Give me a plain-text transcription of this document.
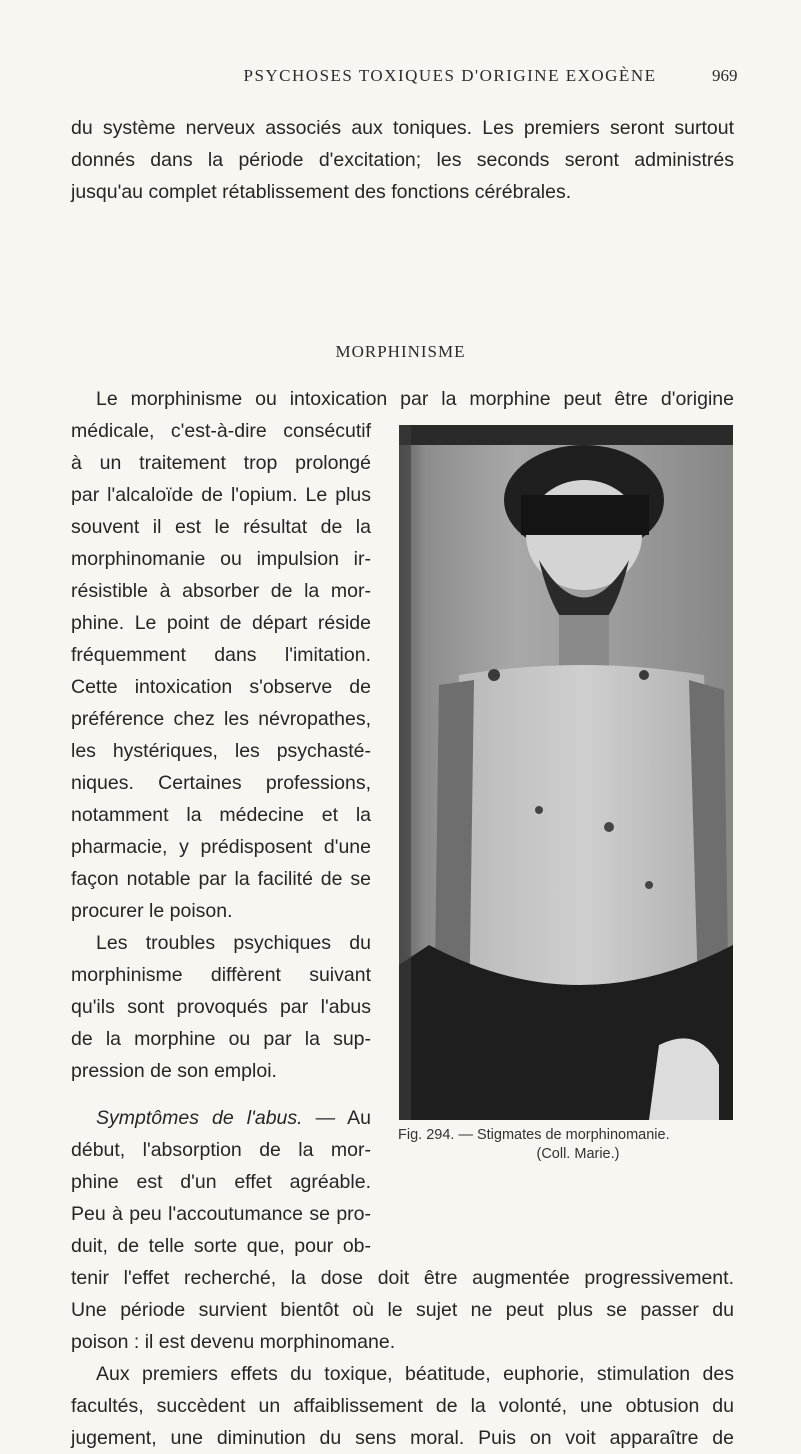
PSYCHOSES TOXIQUES D'ORIGINE EXOGÈNE	969
du système nerveux associés aux toniques. Les premiers seront surtout
donnés dans la période d'excitation; les seconds seront administrés
jusqu'au complet rétablissement des fonctions cérébrales.
MORPHINISME
Le morphinisme ou intoxication par la morphine peut être d'origine
médicale, c'est-à-dire consécutif
à un traitement trop prolongé
par l'alcaloïde de l'opium. Le plus
souvent il est le résultat de la
morphinomanie ou impulsion ir-
résistible à absorber de la mor-
phine. Le point de départ réside
fréquemment dans l'imitation.
Cette intoxication s'observe de
préférence chez les névropathes,
les hystériques, les psychasté-
niques. Certaines professions,
notamment la médecine et la
pharmacie, y prédisposent d'une
façon notable par la facilité de se
procurer le poison.
Les troubles psychiques du
morphinisme diffèrent suivant
qu'ils sont provoqués par l'abus
de la morphine ou par la sup-
pression de son emploi.
Symptômes de l'abus. — Au
début, l'absorption de la mor-
phine est d'un effet agréable.
Peu à peu l'accoutumance se pro-
duit, de telle sorte que, pour ob-
tenir l'effet recherché, la dose doit être augmentée progressivement.
Une période survient bientôt où le sujet ne peut plus se passer du
poison : il est devenu morphinomane.
Aux premiers effets du toxique, béatitude, euphorie, stimulation des
facultés, succèdent un affaiblissement de la volonté, une obtusion du
jugement, une diminution du sens moral. Puis on voit apparaître de
Fig. 294. — Stigmates de morphinomanie.
(Coll. Marie.)
